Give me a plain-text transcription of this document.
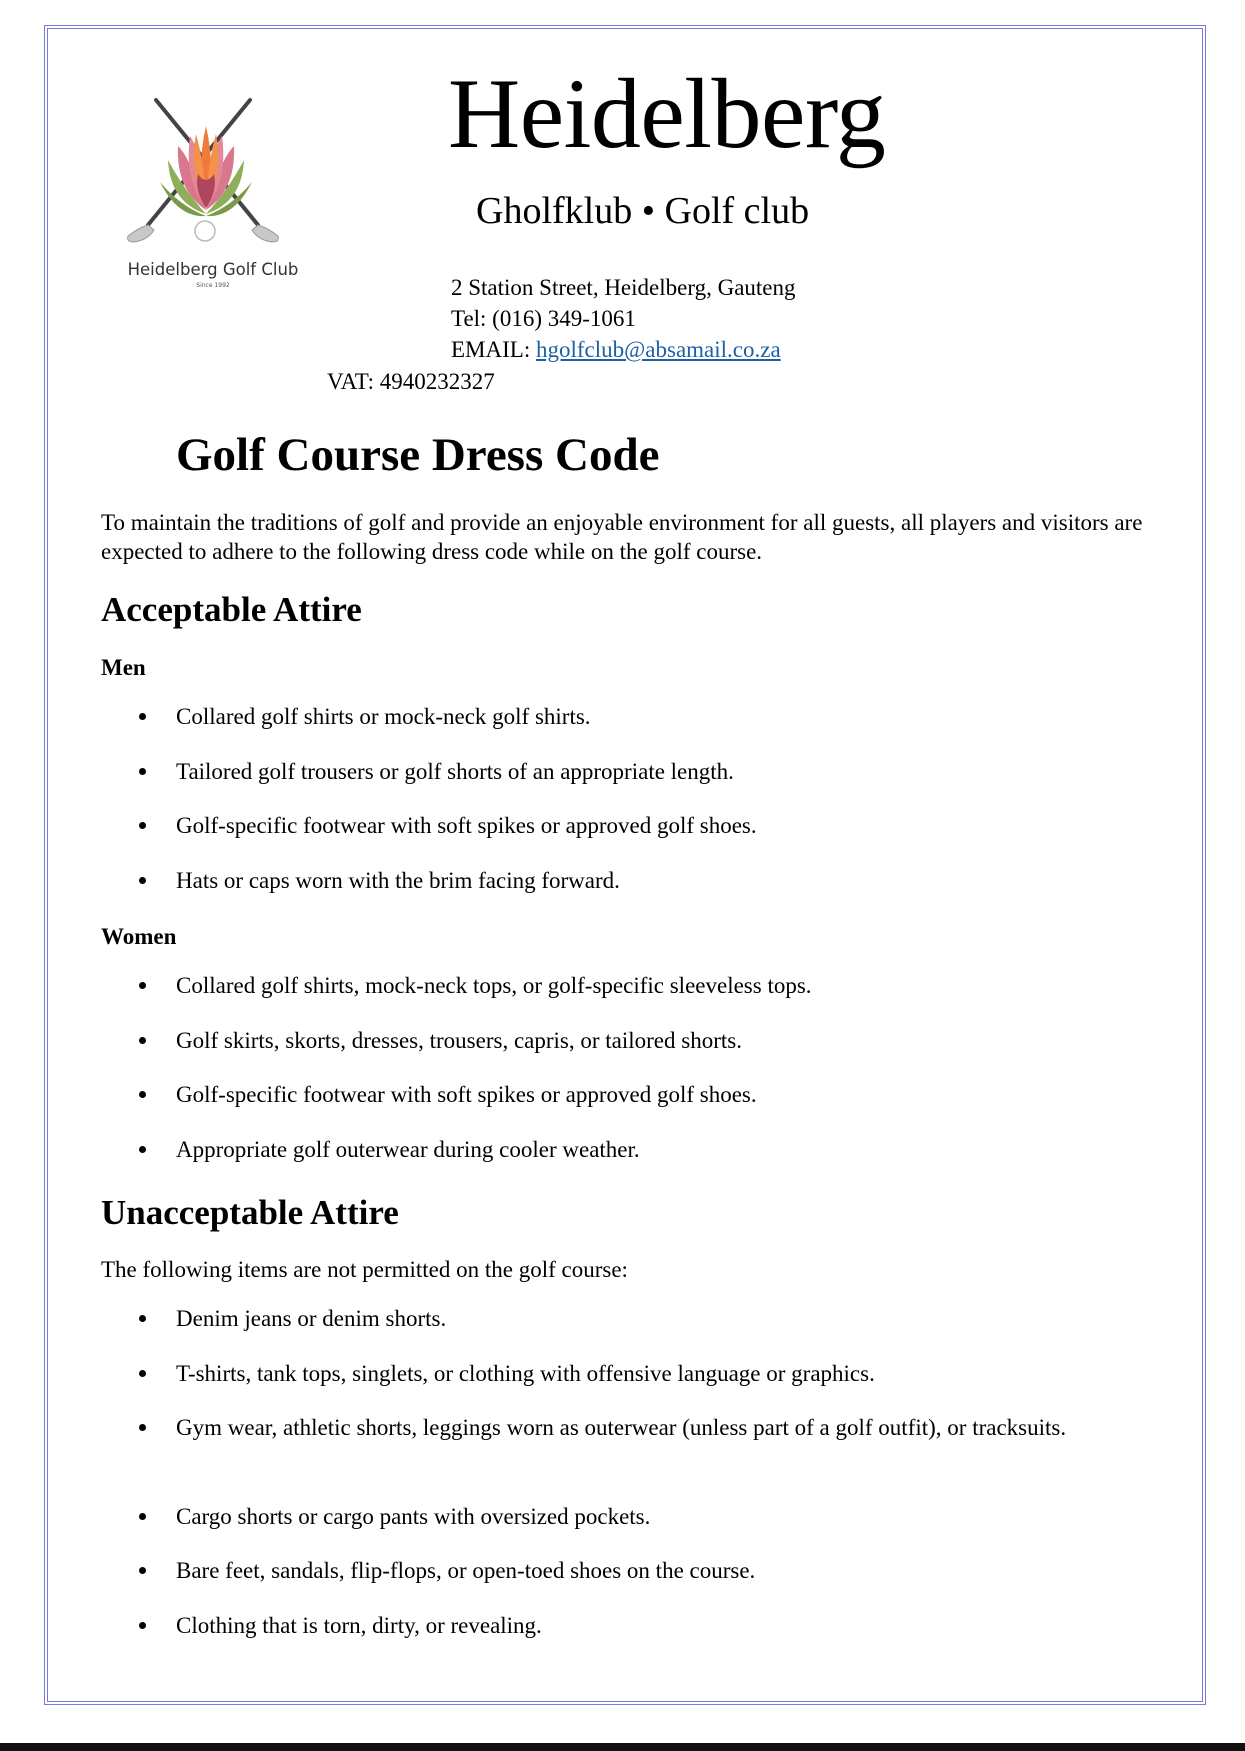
Heidelberg Golf Club
Since 1992
Heidelberg
Gholfklub • Golf club
2 Station Street, Heidelberg, Gauteng
Tel: (016) 349-1061
EMAIL: hgolfclub@absamail.co.za
VAT: 4940232327
Golf Course Dress Code

To maintain the traditions of golf and provide an enjoyable environment for all guests, all players and visitors are expected to adhere to the following dress code while on the golf course.

Acceptable Attire
Men
Collared golf shirts or mock-neck golf shirts.
Tailored golf trousers or golf shorts of an appropriate length.
Golf-specific footwear with soft spikes or approved golf shoes.
Hats or caps worn with the brim facing forward.
Women
Collared golf shirts, mock-neck tops, or golf-specific sleeveless tops.
Golf skirts, skorts, dresses, trousers, capris, or tailored shorts.
Golf-specific footwear with soft spikes or approved golf shoes.
Appropriate golf outerwear during cooler weather.
Unacceptable Attire

The following items are not permitted on the golf course:

Denim jeans or denim shorts.
T-shirts, tank tops, singlets, or clothing with offensive language or graphics.
Gym wear, athletic shorts, leggings worn as outerwear (unless part of a golf outfit), or tracksuits.
Cargo shorts or cargo pants with oversized pockets.
Bare feet, sandals, flip-flops, or open-toed shoes on the course.
Clothing that is torn, dirty, or revealing.
